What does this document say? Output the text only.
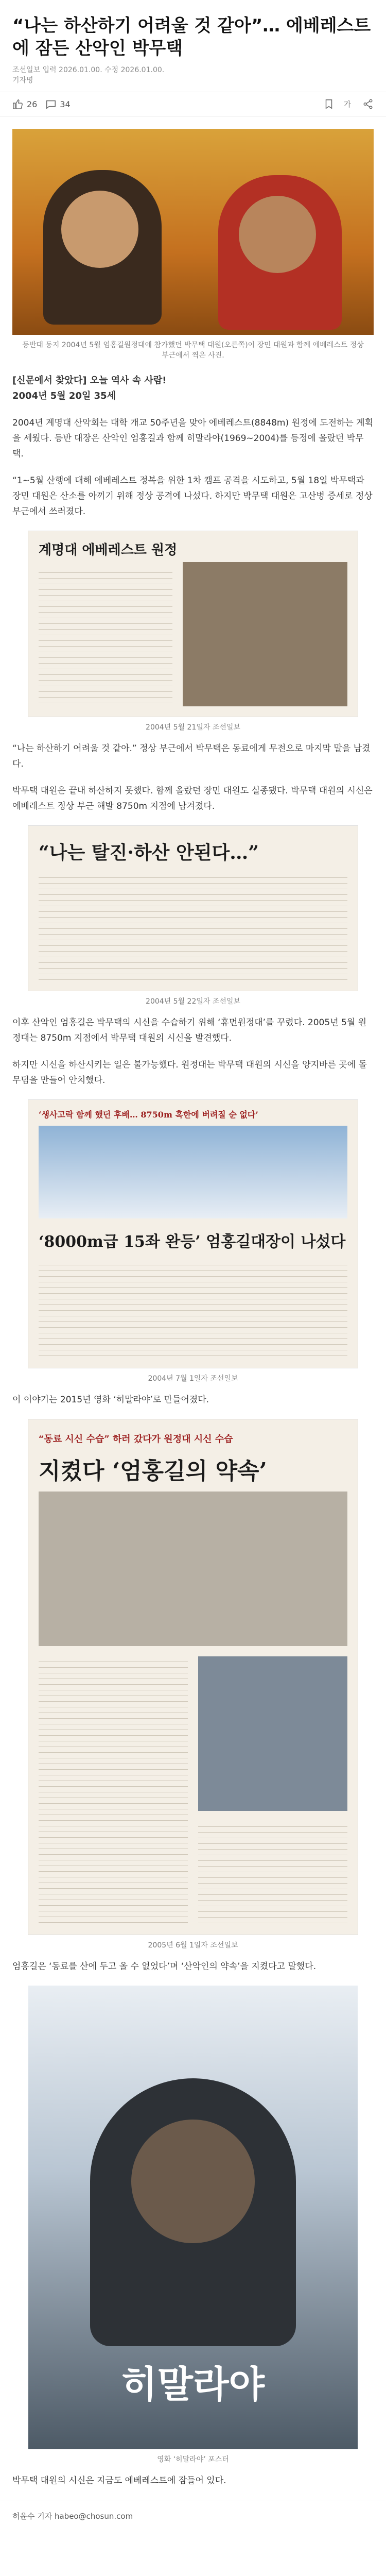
“나는 하산하기 어려울 것 같아”… 에베레스트에 잠든 산악인 박무택
조선일보 입력 2026.01.00. 수정 2026.01.00.
기자명
26	34	가
등반대 동지 2004년 5월 엄홍길원정대에 참가했던 박무택 대원(오른쪽)이 장민 대원과 함께 에베레스트 정상 부근에서 찍은 사진.

[신문에서 찾았다] 오늘 역사 속 사람!

2004년 5월 20일 35세

2004년 계명대 산악회는 대학 개교 50주년을 맞아 에베레스트(8848m) 원정에 도전하는 계획을 세웠다. 등반 대장은 산악인 엄홍길과 함께 히말라야(1969~2004)를 등정에 올랐던 박무택.

“1~5월 산행에 대해 에베레스트 정복을 위한 1차 캠프 공격을 시도하고, 5월 18일 박무택과 장민 대원은 산소를 아끼기 위해 정상 공격에 나섰다. 하지만 박무택 대원은 고산병 증세로 정상 부근에서 쓰러졌다.

계명대 에베레스트 원정
2004년 5월 21일자 조선일보

“나는 하산하기 어려울 것 같아.” 정상 부근에서 박무택은 동료에게 무전으로 마지막 말을 남겼다.

박무택 대원은 끝내 하산하지 못했다. 함께 올랐던 장민 대원도 실종됐다. 박무택 대원의 시신은 에베레스트 정상 부근 해발 8750m 지점에 남겨졌다.

“나는 탈진·하산 안된다…”
2004년 5월 22일자 조선일보

이후 산악인 엄홍길은 박무택의 시신을 수습하기 위해 ‘휴먼원정대’를 꾸렸다. 2005년 5월 원정대는 8750m 지점에서 박무택 대원의 시신을 발견했다.

하지만 시신을 하산시키는 일은 불가능했다. 원정대는 박무택 대원의 시신을 양지바른 곳에 돌무덤을 만들어 안치했다.

‘생사고락 함께 했던 후배… 8750m 혹한에 버려질 순 없다’
‘8000m급 15좌 완등’ 엄홍길대장이 나섰다
2004년 7월 1일자 조선일보

이 이야기는 2015년 영화 ‘히말라야’로 만들어졌다.

“동료 시신 수습” 하러 갔다가 원정대 시신 수습
지켰다 ‘엄홍길의 약속’
2005년 6월 1일자 조선일보

엄홍길은 ‘동료를 산에 두고 올 수 없었다’며 ‘산악인의 약속’을 지켰다고 말했다.

히말라야
영화 ‘히말라야’ 포스터

박무택 대원의 시신은 지금도 에베레스트에 잠들어 있다.

허윤수 기자 habeo@chosun.com
